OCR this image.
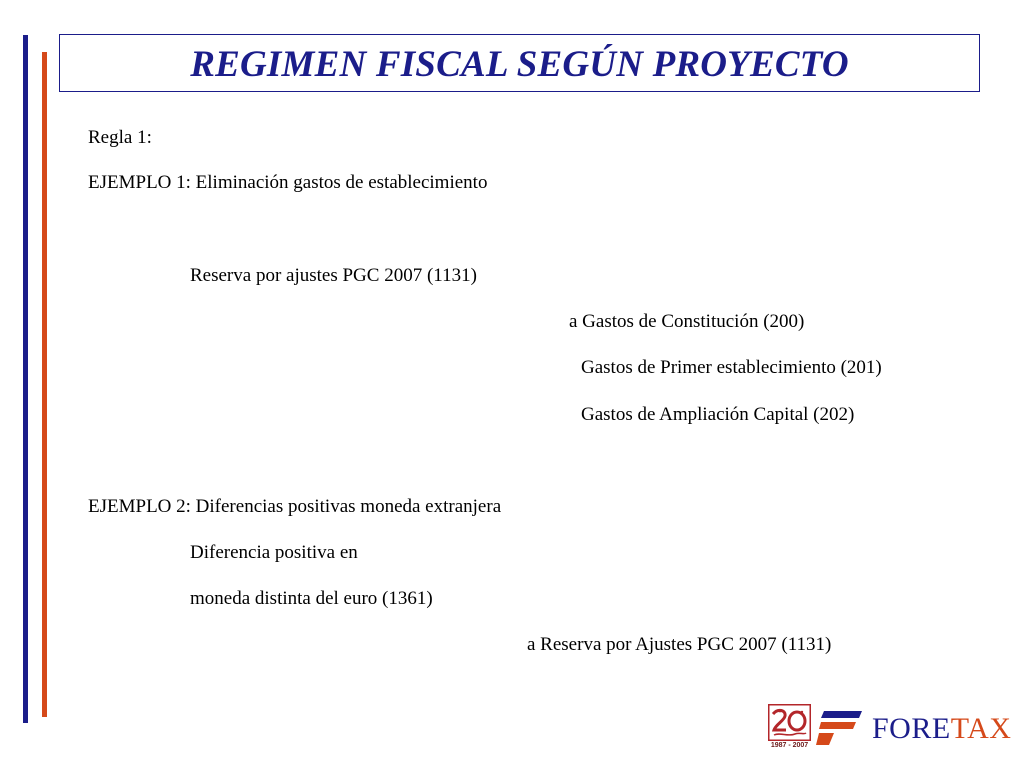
REGIMEN FISCAL SEGÚN PROYECTO
Regla 1:
EJEMPLO 1: Eliminación gastos de establecimiento
Reserva por ajustes PGC 2007 (1131)
a Gastos de Constitución (200)
Gastos de Primer establecimiento (201)
Gastos de Ampliación Capital (202)
EJEMPLO 2: Diferencias positivas moneda extranjera
Diferencia positiva en
moneda distinta del euro (1361)
a Reserva por Ajustes PGC 2007 (1131)
1987 - 2007
FORETAX
